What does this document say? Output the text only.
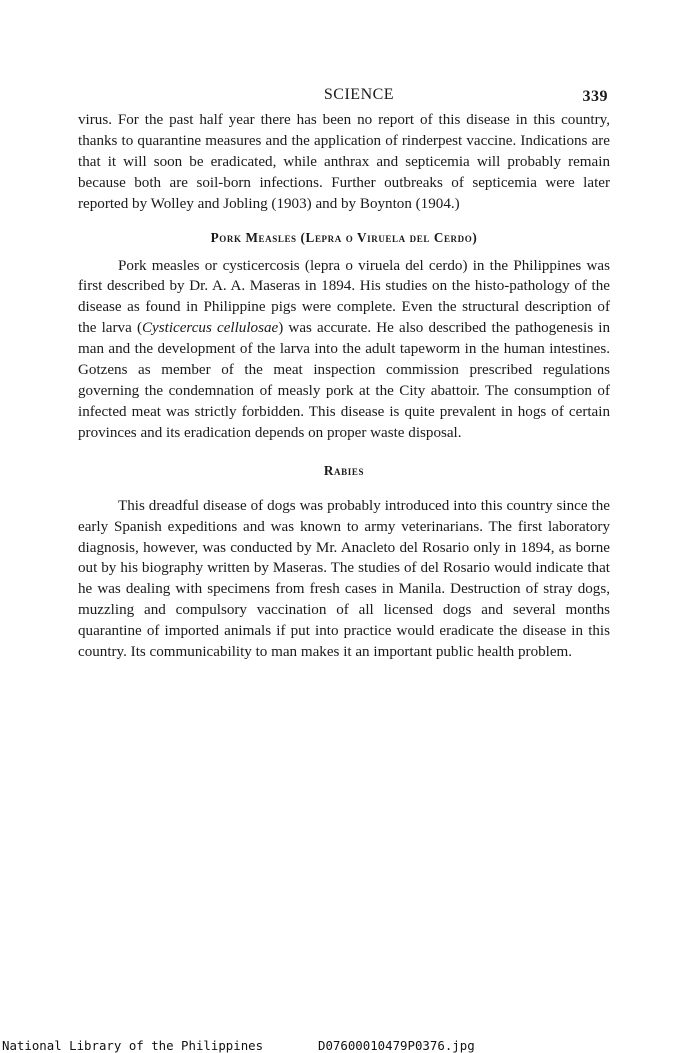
SCIENCE	339

virus. For the past half year there has been no report of this disease in this country, thanks to quarantine measures and the application of rinderpest vaccine. Indications are that it will soon be eradicated, while anthrax and septicemia will probably remain because both are soil-born infections. Further outbreaks of septicemia were later reported by Wolley and Jobling (1903) and by Boynton (1904.)

Pork Measles (Lepra o Viruela del Cerdo)

Pork measles or cysticercosis (lepra o viruela del cerdo) in the Philippines was first described by Dr. A. A. Maseras in 1894. His studies on the histo-pathology of the disease as found in Philippine pigs were complete. Even the structural description of the larva (Cysticercus cellulosae) was accurate. He also described the pathogenesis in man and the development of the larva into the adult tapeworm in the human intestines. Gotzens as member of the meat inspection commission prescribed regulations governing the condemnation of measly pork at the City abattoir. The consumption of infected meat was strictly forbidden. This disease is quite prevalent in hogs of certain provinces and its eradication depends on proper waste disposal.

Rabies

This dreadful disease of dogs was probably introduced into this country since the early Spanish expeditions and was known to army veterinarians. The first laboratory diagnosis, however, was conducted by Mr. Anacleto del Rosario only in 1894, as borne out by his biography written by Maseras. The studies of del Rosario would indicate that he was dealing with specimens from fresh cases in Manila. Destruction of stray dogs, muzzling and compulsory vaccination of all licensed dogs and several months quarantine of imported animals if put into practice would eradicate the disease in this country. Its communicability to man makes it an important public health problem.

National Library of the Philippines	D07600010479P0376.jpg
